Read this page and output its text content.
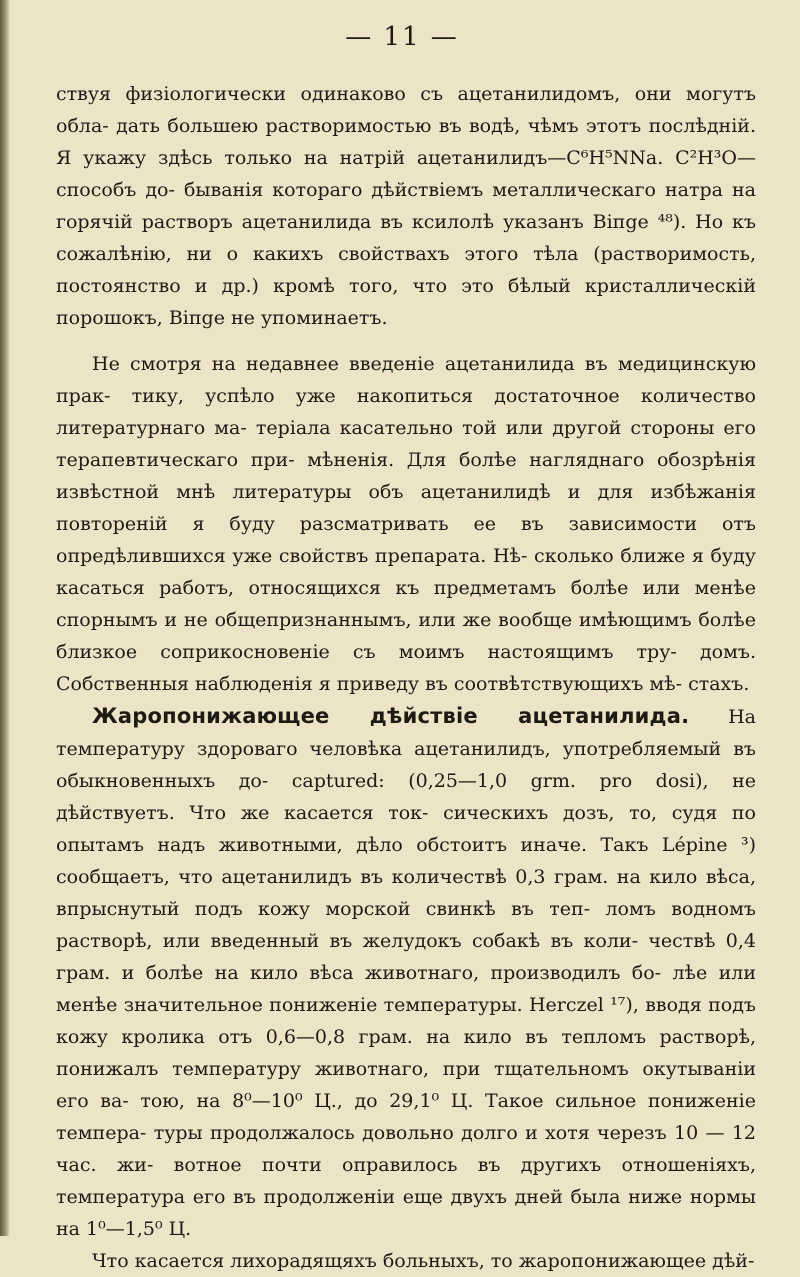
— 11 —

ствуя физіологически одинаково съ ацетанилидомъ, они могутъ обла- дать большею растворимостью въ водѣ, чѣмъ этотъ послѣдній. Я укажу здѣсь только на натрій ацетанилидъ—C⁶H⁵NNa. C²H³O—способъ до- быванія котораго дѣйствіемъ металлическаго натра на горячій растворъ ацетанилида въ ксилолѣ указанъ Віпgе ⁴⁸). Но къ сожалѣнію, ни о какихъ свойствахъ этого тѣла (растворимость, постоянство и др.) кромѣ того, что это бѣлый кристаллическій порошокъ, Віпgе не упоминаетъ.

Не смотря на недавнее введеніе ацетанилида въ медицинскую прак- тику, успѣло уже накопиться достаточное количество литературнаго ма- теріала касательно той или другой стороны его терапевтическаго при- мѣненія. Для болѣе нагляднаго обозрѣнія извѣстной мнѣ литературы объ ацетанилидѣ и для избѣжанія повтореній я буду разсматривать ее въ зависимости отъ опредѣлившихся уже свойствъ препарата. Нѣ- сколько ближе я буду касаться работъ, относящихся къ предметамъ болѣе или менѣе спорнымъ и не общепризнаннымъ, или же вообще имѣющимъ болѣе близкое соприкосновеніе съ моимъ настоящимъ тру- домъ. Собственныя наблюденія я приведу въ соотвѣтствующихъ мѣ- стахъ.

Жаропонижающее дѣйствіе ацетанилида. На температуру здороваго человѣка ацетанилидъ, употребляемый въ обыкновенныхъ до- captured: (0,25—1,0 grm. pro dosi), не дѣйствуетъ. Что же касается ток- сическихъ дозъ, то, судя по опытамъ надъ животными, дѣло обстоитъ иначе. Такъ Lépine ³) сообщаетъ, что ацетанилидъ въ количествѣ 0,3 грам. на кило вѣса, впрыснутый подъ кожу морской свинкѣ въ теп- ломъ водномъ растворѣ, или введенный въ желудокъ собакѣ въ коли- чествѣ 0,4 грам. и болѣе на кило вѣса животнаго, производилъ бо- лѣе или менѣе значительное пониженіе температуры. Herczel ¹⁷), вводя подъ кожу кролика отъ 0,6—0,8 грам. на кило въ тепломъ растворѣ, понижалъ температуру животнаго, при тщательномъ окутываніи его ва- тою, на 8⁰—10⁰ Ц., до 29,1⁰ Ц. Такое сильное пониженіе темпера- туры продолжалось довольно долго и хотя черезъ 10 — 12 час. жи- вотное почти оправилось въ другихъ отношеніяхъ, температура его въ продолженіи еще двухъ дней была ниже нормы на 1⁰—1,5⁰ Ц.

Что касается лихорадящяхъ больныхъ, то жаропонижающее дѣй-
